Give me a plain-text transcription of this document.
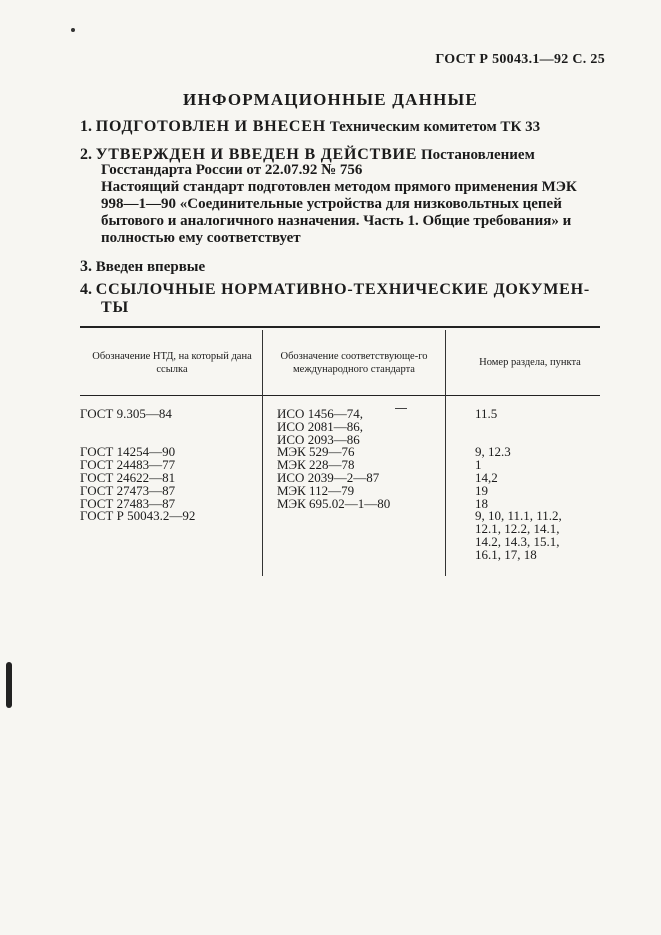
ГОСТ Р 50043.1—92 С. 25
ИНФОРМАЦИОННЫЕ ДАННЫЕ
1. ПОДГОТОВЛЕН И ВНЕСЕН Техническим комитетом ТК 33
2. УТВЕРЖДЕН И ВВЕДЕН В ДЕЙСТВИЕ Постановлением
Госстандарта России от 22.07.92 № 756
Настоящий стандарт подготовлен методом прямого применения МЭК 998—1—90 «Соединительные устройства для низковольтных цепей бытового и аналогичного назначения. Часть 1. Общие требования» и полностью ему соответствует
3. Введен впервые
4. ССЫЛОЧНЫЕ НОРМАТИВНО-ТЕХНИЧЕСКИЕ ДОКУМЕН-
ТЫ
Обозначение НТД, на который дана ссылка
Обозначение соответствующе-го международного стандарта
Номер раздела, пункта
ГОСТ 9.305—84

ГОСТ 14254—90
ГОСТ 24483—77
ГОСТ 24622—81
ГОСТ 27473—87
ГОСТ 27483—87
ГОСТ Р 50043.2—92
ИСО 1456—74,
ИСО 2081—86,
ИСО 2093—86
МЭК 529—76
МЭК 228—78
ИСО 2039—2—87
МЭК 112—79
МЭК 695.02—1—80
11.5

9, 12.3
1
14,2
19
18
9, 10, 11.1, 11.2,
12.1, 12.2, 14.1,
14.2, 14.3, 15.1,
16.1, 17, 18
